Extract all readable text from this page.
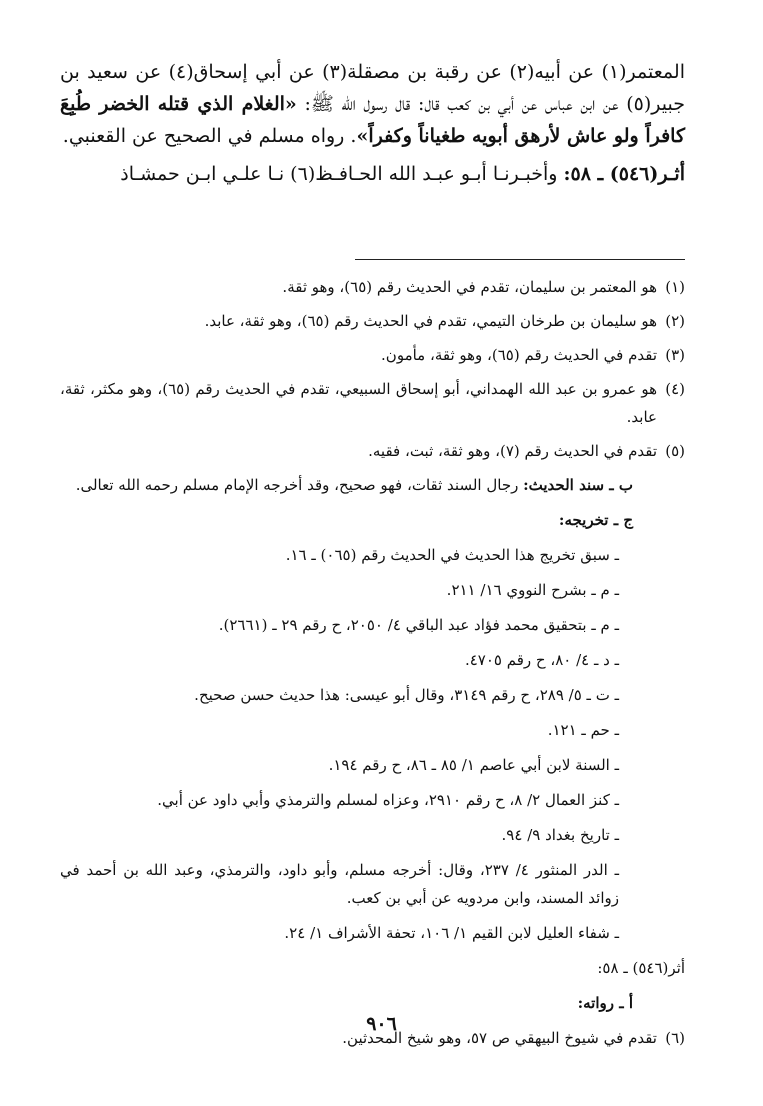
المعتمر(١) عن أبيه(٢) عن رقبة بن مصقلة(٣) عن أبي إسحاق(٤) عن سعيد بن جبير(٥) عن ابن عباس عن أبي بن كعب قال: قال رسول الله ﷺ: «الغلام الذي قتله الخضر طُبِعَ كافراً ولو عاش لأرهق أبويه طغياناً وكفراً». رواه مسلم في الصحيح عن القعنبي.

أثـر(٥٤٦) ـ ٥٨: وأخبـرنـا أبـو عبـد الله الحـافـظ(٦) نـا علـي ابـن حمشـاذ

(١)
هو المعتمر بن سليمان، تقدم في الحديث رقم (٦٥)، وهو ثقة.
(٢)
هو سليمان بن طرخان التيمي، تقدم في الحديث رقم (٦٥)، وهو ثقة، عابد.
(٣)
تقدم في الحديث رقم (٦٥)، وهو ثقة، مأمون.
(٤)
هو عمرو بن عبد الله الهمداني، أبو إسحاق السبيعي، تقدم في الحديث رقم (٦٥)، وهو مكثر، ثقة، عابد.
(٥)
تقدم في الحديث رقم (٧)، وهو ثقة، ثبت، فقيه.
ب ـ سند الحديث: رجال السند ثقات، فهو صحيح، وقد أخرجه الإمام مسلم رحمه الله تعالى.
ج ـ تخريجه:
ـ سبق تخريج هذا الحديث في الحديث رقم (٠٦٥) ـ ١٦.
ـ م ـ بشرح النووي ١٦/ ٢١١.
ـ م ـ بتحقيق محمد فؤاد عبد الباقي ٤/ ٢٠٥٠، ح رقم ٢٩ ـ (٢٦٦١).
ـ د ـ ٤/ ٨٠، ح رقم ٤٧٠٥.
ـ ت ـ ٥/ ٢٨٩، ح رقم ٣١٤٩، وقال أبو عيسى: هذا حديث حسن صحيح.
ـ حم ـ ١٢١.
ـ السنة لابن أبي عاصم ١/ ٨٥ ـ ٨٦، ح رقم ١٩٤.
ـ كنز العمال ٢/ ٨، ح رقم ٢٩١٠، وعزاه لمسلم والترمذي وأبي داود عن أبي.
ـ تاريخ بغداد ٩/ ٩٤.
ـ الدر المنثور ٤/ ٢٣٧، وقال: أخرجه مسلم، وأبو داود، والترمذي، وعبد الله بن أحمد في زوائد المسند، وابن مردويه عن أبي بن كعب.
ـ شفاء العليل لابن القيم ١/ ١٠٦، تحفة الأشراف ١/ ٢٤.
أثر(٥٤٦) ـ ٥٨:
أ ـ رواته:
(٦)
تقدم في شيوخ البيهقي ص ٥٧، وهو شيخ المحدثين.
٩٠٦
